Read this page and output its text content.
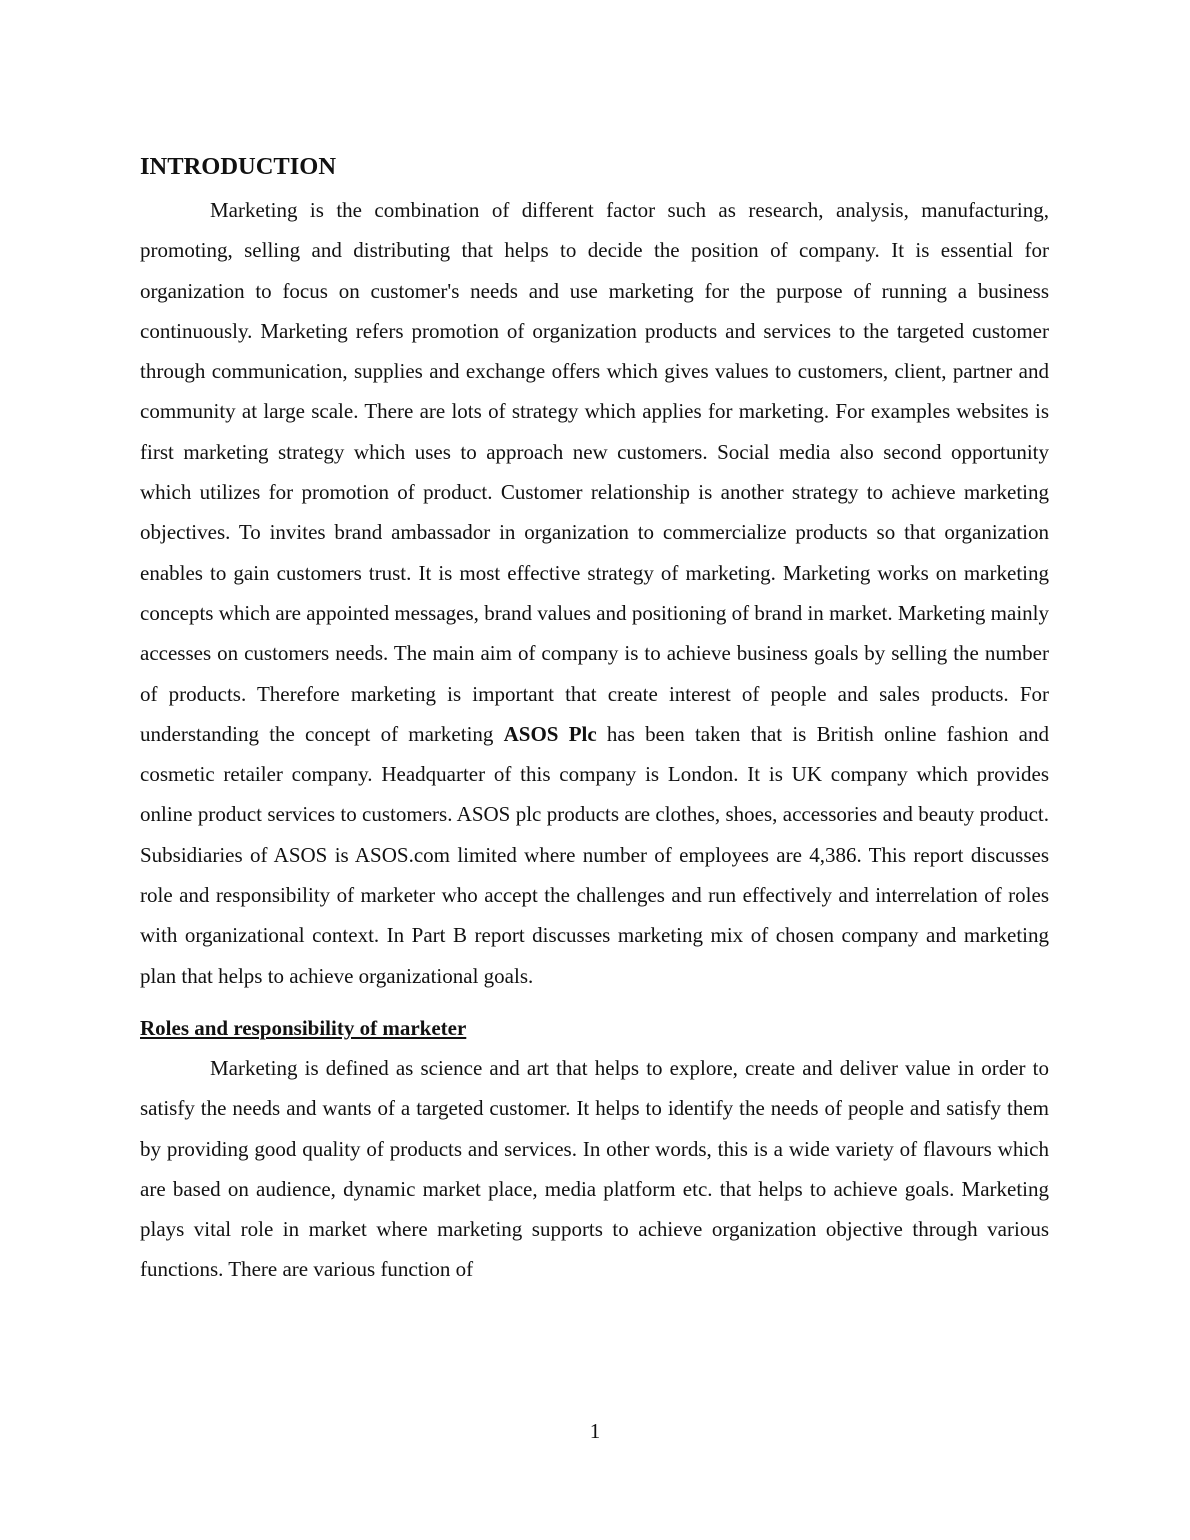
INTRODUCTION

Marketing is the combination of different factor such as research, analysis, manufacturing, promoting, selling and distributing that helps to decide the position of company. It is essential for organization to focus on customer's needs and use marketing for the purpose of running a business continuously. Marketing refers promotion of organization products and services to the targeted customer through communication, supplies and exchange offers which gives values to customers, client, partner and community at large scale. There are lots of strategy which applies for marketing. For examples websites is first marketing strategy which uses to approach new customers. Social media also second opportunity which utilizes for promotion of product. Customer relationship is another strategy to achieve marketing objectives. To invites brand ambassador in organization to commercialize products so that organization enables to gain customers trust. It is most effective strategy of marketing. Marketing works on marketing concepts which are appointed messages, brand values and positioning of brand in market. Marketing mainly accesses on customers needs. The main aim of company is to achieve business goals by selling the number of products. Therefore marketing is important that create interest of people and sales products. For understanding the concept of marketing ASOS Plc has been taken that is British online fashion and cosmetic retailer company. Headquarter of this company is London. It is UK company which provides online product services to customers. ASOS plc products are clothes, shoes, accessories and beauty product. Subsidiaries of ASOS is ASOS.com limited where number of employees are 4,386. This report discusses role and responsibility of marketer who accept the challenges and run effectively and interrelation of roles with organizational context. In Part B report discusses marketing mix of chosen company and marketing plan that helps to achieve organizational goals.

Roles and responsibility of marketer

Marketing is defined as science and art that helps to explore, create and deliver value in order to satisfy the needs and wants of a targeted customer. It helps to identify the needs of people and satisfy them by providing good quality of products and services. In other words, this is a wide variety of flavours which are based on audience, dynamic market place, media platform etc. that helps to achieve goals. Marketing plays vital role in market where marketing supports to achieve organization objective through various functions. There are various function of

1
